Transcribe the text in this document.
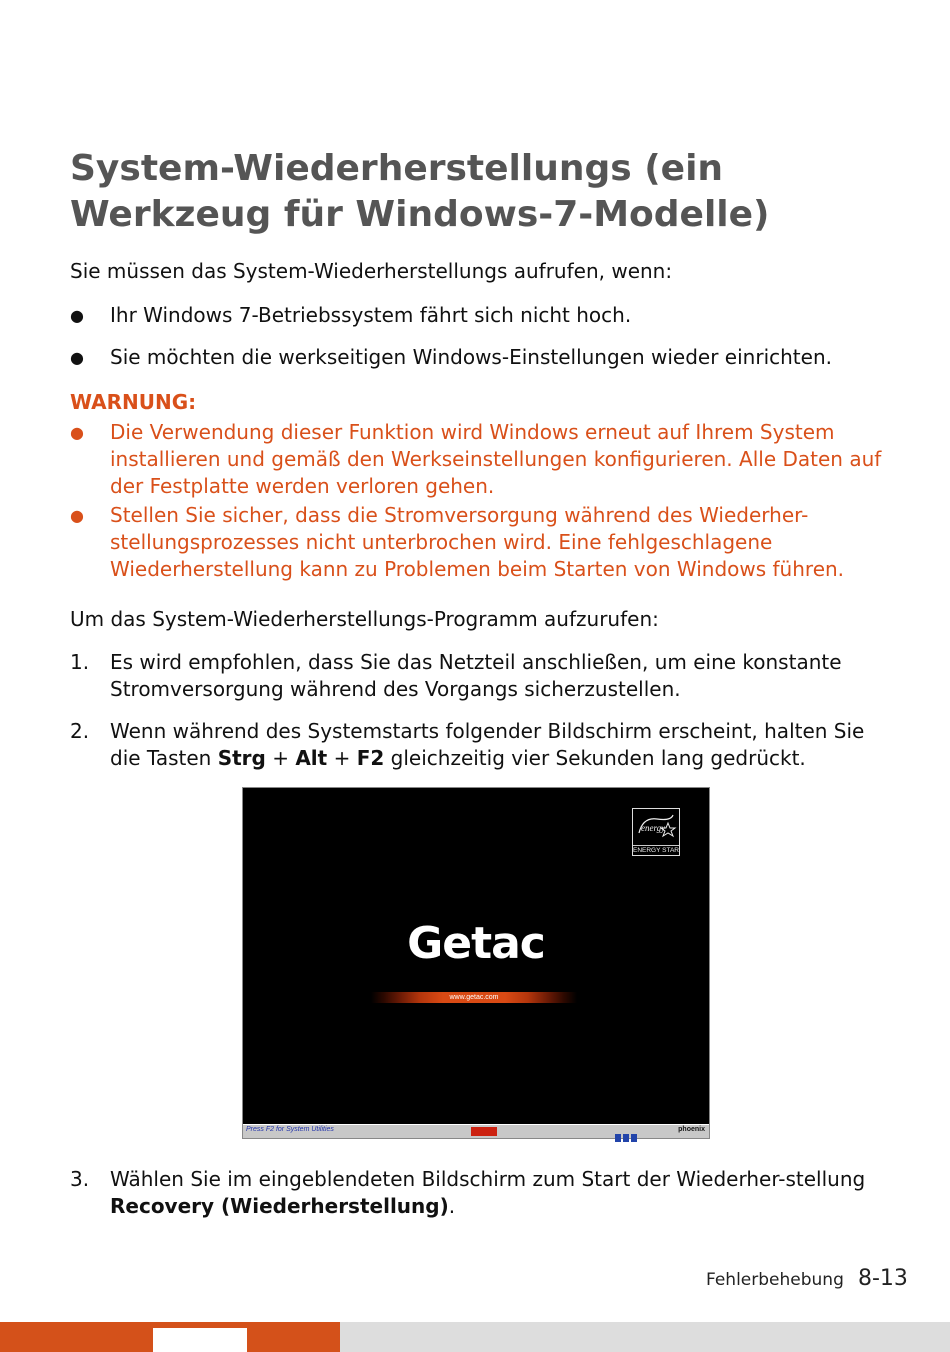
System-Wiederherstellungs (ein Werkzeug für Windows-7-Modelle)
Sie müssen das System-Wiederherstellungs aufrufen, wenn:
● Ihr Windows 7-Betriebssystem fährt sich nicht hoch.
● Sie möchten die werkseitigen Windows-Einstellungen wieder einrichten.
WARNUNG:
● Die Verwendung dieser Funktion wird Windows erneut auf Ihrem System installieren und gemäß den Werkseinstellungen konfigurieren. Alle Daten auf der Festplatte werden verloren gehen.
● Stellen Sie sicher, dass die Stromversorgung während des Wiederher-stellungsprozesses nicht unterbrochen wird. Eine fehlgeschlagene Wiederherstellung kann zu Problemen beim Starten von Windows führen.
Um das System-Wiederherstellungs-Programm aufzurufen:
1. Es wird empfohlen, dass Sie das Netzteil anschließen, um eine konstante Stromversorgung während des Vorgangs sicherzustellen.
2. Wenn während des Systemstarts folgender Bildschirm erscheint, halten Sie die Tasten Strg + Alt + F2 gleichzeitig vier Sekunden lang gedrückt.
energy
ENERGY STAR
Getac
www.getac.com
Press F2 for System Utilities	phoenix
3. Wählen Sie im eingeblendeten Bildschirm zum Start der Wiederher-stellung Recovery (Wiederherstellung).
Fehlerbehebung 8-13
